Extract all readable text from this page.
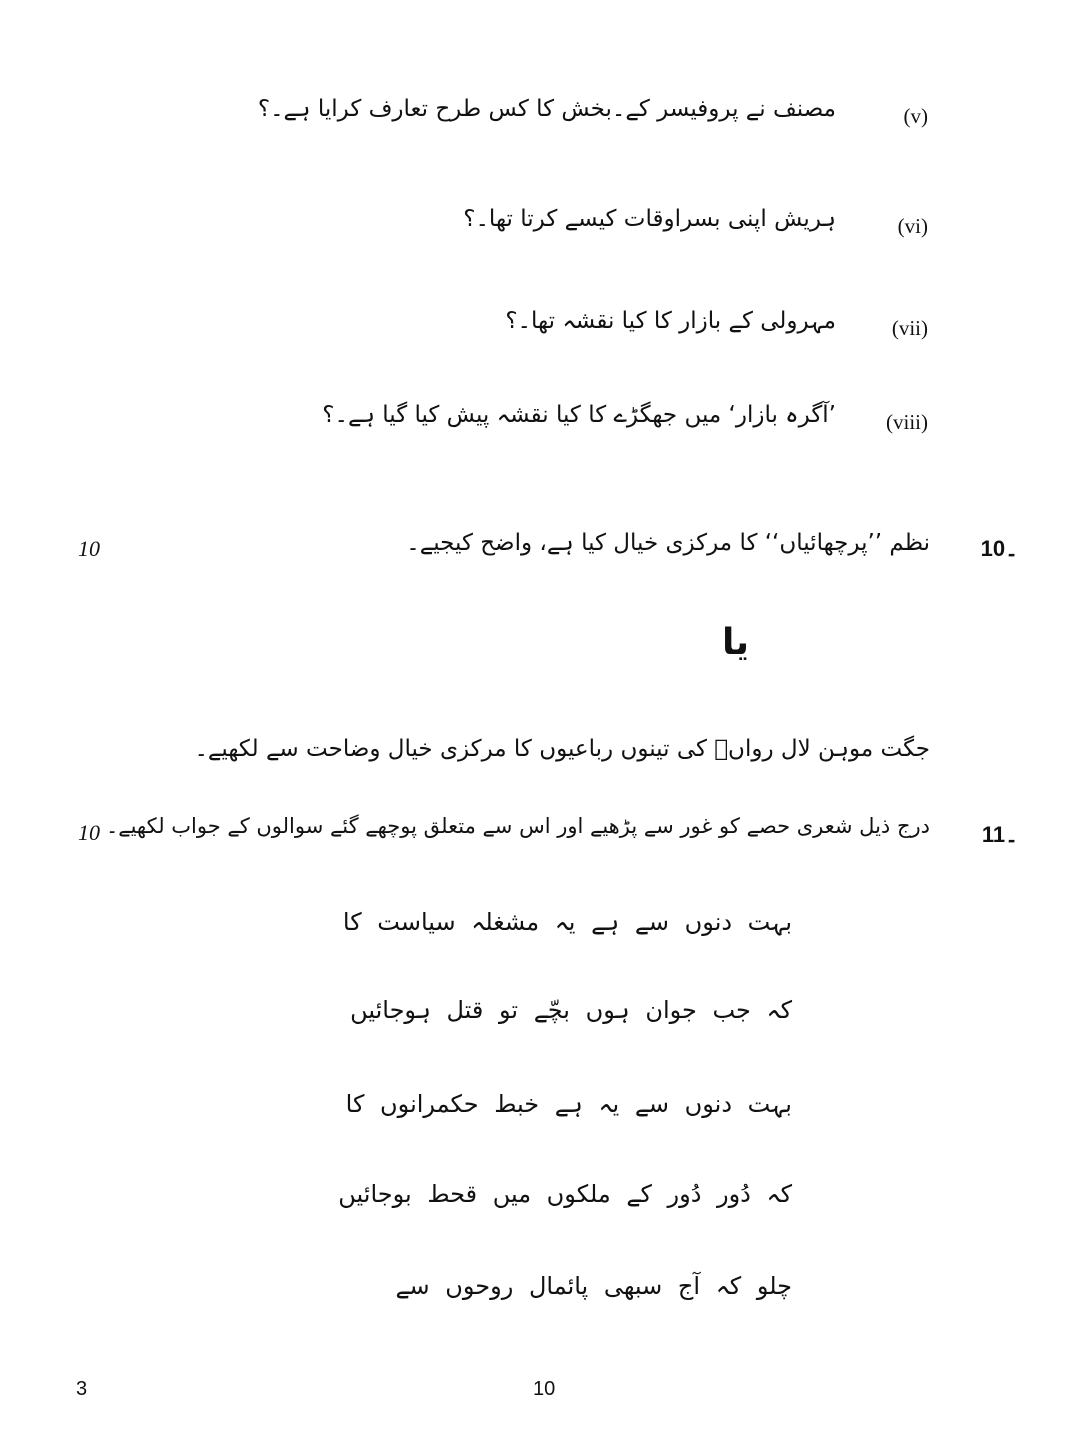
(v)
مصنف نے پروفیسر کے۔بخش کا کس طرح تعارف کرایا ہے۔؟
(vi)
ہریش اپنی بسراوقات کیسے کرتا تھا۔؟
(vii)
مہرولی کے بازار کا کیا نقشہ تھا۔؟
(viii)
’آگرہ بازار‘ میں جھگڑے کا کیا نقشہ پیش کیا گیا ہے۔؟
10۔
نظم ’’پرچھائیاں‘‘ کا مرکزی خیال کیا ہے، واضح کیجیے۔
10
یا
جگت موہن لال رواںؔ کی تینوں رباعیوں کا مرکزی خیال وضاحت سے لکھیے۔
11۔
درج ذیل شعری حصے کو غور سے پڑھیے اور اس سے متعلق پوچھے گئے سوالوں کے جواب لکھیے۔
10
بہت دنوں سے ہے یہ مشغلہ سیاست کا
کہ جب جوان ہوں بچّے تو قتل ہوجائیں
بہت دنوں سے یہ ہے خبط حکمرانوں کا
کہ دُور دُور کے ملکوں میں قحط بوجائیں
چلو کہ آج سبھی پائمال روحوں سے
3	10
